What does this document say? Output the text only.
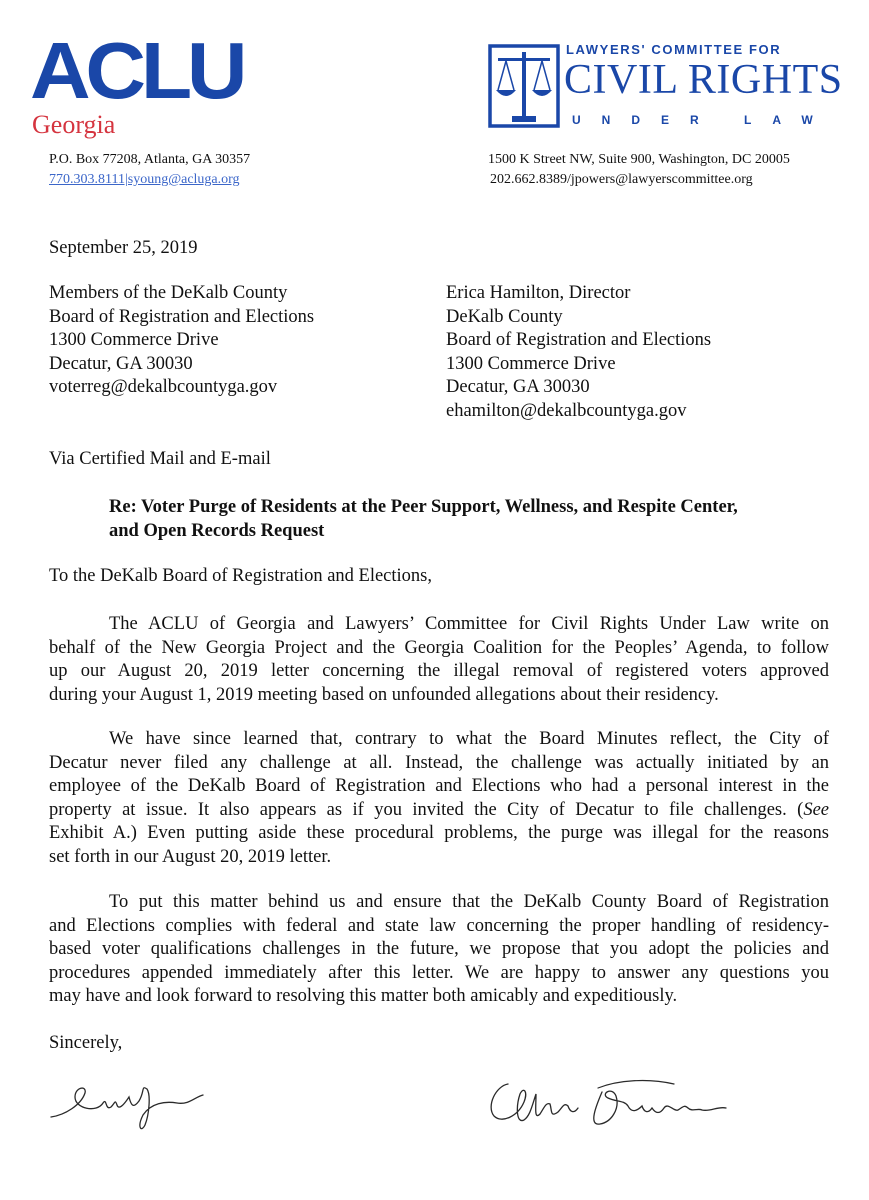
ACLU
Georgia
LAWYERS' COMMITTEE FOR
CIVIL RIGHTS
UNDER LAW
P.O. Box 77208, Atlanta, GA 30357
770.303.8111|syoung@acluga.org
1500 K Street NW, Suite 900, Washington, DC 20005
202.662.8389/jpowers@lawyerscommittee.org
September 25, 2019
Members of the DeKalb County
Board of Registration and Elections
1300 Commerce Drive
Decatur, GA 30030
voterreg@dekalbcountyga.gov
Erica Hamilton, Director
DeKalb County
Board of Registration and Elections
1300 Commerce Drive
Decatur, GA 30030
ehamilton@dekalbcountyga.gov
Via Certified Mail and E-mail
Re: Voter Purge of Residents at the Peer Support, Wellness, and Respite Center,
and Open Records Request
To the DeKalb Board of Registration and Elections,
The ACLU of Georgia and Lawyers’ Committee for Civil Rights Under Law write on
behalf of the New Georgia Project and the Georgia Coalition for the Peoples’ Agenda, to follow
up our August 20, 2019 letter concerning the illegal removal of registered voters approved
during your August 1, 2019 meeting based on unfounded allegations about their residency.
We have since learned that, contrary to what the Board Minutes reflect, the City of
Decatur never filed any challenge at all. Instead, the challenge was actually initiated by an
employee of the DeKalb Board of Registration and Elections who had a personal interest in the
property at issue. It also appears as if you invited the City of Decatur to file challenges. (See
Exhibit A.) Even putting aside these procedural problems, the purge was illegal for the reasons
set forth in our August 20, 2019 letter.
To put this matter behind us and ensure that the DeKalb County Board of Registration
and Elections complies with federal and state law concerning the proper handling of residency-
based voter qualifications challenges in the future, we propose that you adopt the policies and
procedures appended immediately after this letter. We are happy to answer any questions you
may have and look forward to resolving this matter both amicably and expeditiously.
Sincerely,
